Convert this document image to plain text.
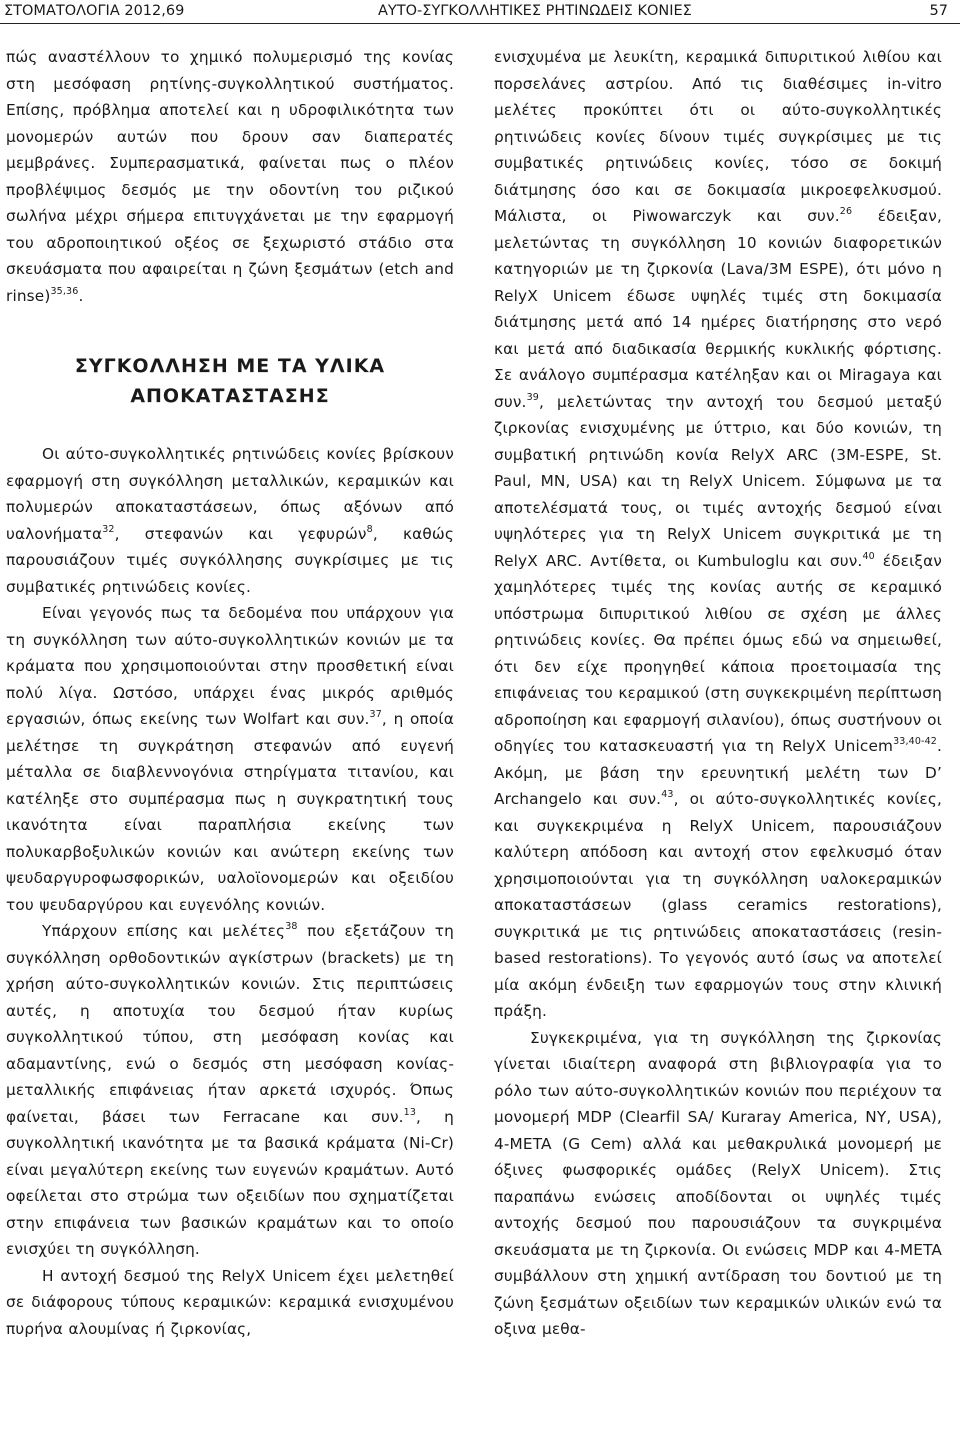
ΣΤΟΜΑΤΟΛΟΓΙΑ 2012,69	ΑΥΤΟ-ΣΥΓΚΟΛΛΗΤΙΚΕΣ ΡΗΤΙΝΩΔΕΙΣ ΚΟΝΙΕΣ	57

πώς αναστέλλουν το χημικό πολυμερισμό της κονίας στη μεσόφαση ρητίνης-συγκολλητικού συστήματος. Επίσης, πρόβλημα αποτελεί και η υδροφιλικότητα των μονομερών αυτών που δρουν σαν διαπερατές μεμβράνες. Συμπερασματικά, φαίνεται πως ο πλέον προβλέψιμος δεσμός με την οδοντίνη του ριζικού σωλήνα μέχρι σήμερα επιτυγχάνεται με την εφαρμογή του αδροποιητικού οξέος σε ξεχωριστό στάδιο στα σκευάσματα που αφαιρείται η ζώνη ξεσμάτων (etch and rinse)$^{35,36}$.

ΣΥΓΚΟΛΛΗΣΗ ΜΕ ΤΑ ΥΛΙΚΑ
ΑΠΟΚΑΤΑΣΤΑΣΗΣ

Οι αύτο-συγκολλητικές ρητινώδεις κονίες βρίσκουν εφαρμογή στη συγκόλληση μεταλλικών, κεραμικών και πολυμερών αποκαταστάσεων, όπως αξόνων από υαλονήματα$^{32}$, στεφανών και γεφυρών$^8$, καθώς παρουσιάζουν τιμές συγκόλλησης συγκρίσιμες με τις συμβατικές ρητινώδεις κονίες.

Είναι γεγονός πως τα δεδομένα που υπάρχουν για τη συγκόλληση των αύτο-συγκολλητικών κονιών με τα κράματα που χρησιμοποιούνται στην προσθετική είναι πολύ λίγα. Ωστόσο, υπάρχει ένας μικρός αριθμός εργασιών, όπως εκείνης των Wolfart και συν.$^{37}$, η οποία μελέτησε τη συγκράτηση στεφανών από ευγενή μέταλλα σε διαβλεννογόνια στηρίγματα τιτανίου, και κατέληξε στο συμπέρασμα πως η συγκρατητική τους ικανότητα είναι παραπλήσια εκείνης των πολυκαρβοξυλικών κονιών και ανώτερη εκείνης των ψευδαργυροφωσφορικών, υαλοϊονομερών και οξειδίου του ψευδαργύρου και ευγενόλης κονιών.

Υπάρχουν επίσης και μελέτες$^{38}$ που εξετάζουν τη συγκόλληση ορθοδοντικών αγκίστρων (brackets) με τη χρήση αύτο-συγκολλητικών κονιών. Στις περιπτώσεις αυτές, η αποτυχία του δεσμού ήταν κυρίως συγκολλητικού τύπου, στη μεσόφαση κονίας και αδαμαντίνης, ενώ ο δεσμός στη μεσόφαση κονίας-μεταλλικής επιφάνειας ήταν αρκετά ισχυρός. Όπως φαίνεται, βάσει των Ferracane και συν.$^{13}$, η συγκολλητική ικανότητα με τα βασικά κράματα (Ni-Cr) είναι μεγαλύτερη εκείνης των ευγενών κραμάτων. Αυτό οφείλεται στο στρώμα των οξειδίων που σχηματίζεται στην επιφάνεια των βασικών κραμάτων και το οποίο ενισχύει τη συγκόλληση.

Η αντοχή δεσμού της RelyX Unicem έχει μελετηθεί σε διάφορους τύπους κεραμικών: κεραμικά ενισχυμένου πυρήνα αλουμίνας ή ζιρκονίας,

ενισχυμένα με λευκίτη, κεραμικά διπυριτικού λιθίου και πορσελάνες αστρίου. Από τις διαθέσιμες in-vitro μελέτες προκύπτει ότι οι αύτο-συγκολλητικές ρητινώδεις κονίες δίνουν τιμές συγκρίσιμες με τις συμβατικές ρητινώδεις κονίες, τόσο σε δοκιμή διάτμησης όσο και σε δοκιμασία μικροεφελκυσμού. Μάλιστα, οι Piwowarczyk και συν.$^{26}$ έδειξαν, μελετώντας τη συγκόλληση 10 κονιών διαφορετικών κατηγοριών με τη ζιρκονία (Lava/3M ESPE), ότι μόνο η RelyX Unicem έδωσε υψηλές τιμές στη δοκιμασία διάτμησης μετά από 14 ημέρες διατήρησης στο νερό και μετά από διαδικασία θερμικής κυκλικής φόρτισης. Σε ανάλογο συμπέρασμα κατέληξαν και οι Miragaya και συν.$^{39}$, μελετώντας την αντοχή του δεσμού μεταξύ ζιρκονίας ενισχυμένης με ύττριο, και δύο κονιών, τη συμβατική ρητινώδη κονία RelyX ARC (3M-ESPE, St. Paul, MN, USA) και τη RelyX Unicem. Σύμφωνα με τα αποτελέσματά τους, οι τιμές αντοχής δεσμού είναι υψηλότερες για τη RelyX Unicem συγκριτικά με τη RelyX ARC. Αντίθετα, οι Kumbuloglu και συν.$^{40}$ έδειξαν χαμηλότερες τιμές της κονίας αυτής σε κεραμικό υπόστρωμα διπυριτικού λιθίου σε σχέση με άλλες ρητινώδεις κονίες. Θα πρέπει όμως εδώ να σημειωθεί, ότι δεν είχε προηγηθεί κάποια προετοιμασία της επιφάνειας του κεραμικού (στη συγκεκριμένη περίπτωση αδροποίηση και εφαρμογή σιλανίου), όπως συστήνουν οι οδηγίες του κατασκευαστή για τη RelyX Unicem$^{33,40-42}$. Ακόμη, με βάση την ερευνητική μελέτη των D’ Archangelo και συν.$^{43}$, οι αύτο-συγκολλητικές κονίες, και συγκεκριμένα η RelyX Unicem, παρουσιάζουν καλύτερη απόδοση και αντοχή στον εφελκυσμό όταν χρησιμοποιούνται για τη συγκόλληση υαλοκεραμικών αποκαταστάσεων (glass ceramics restorations), συγκριτικά με τις ρητινώδεις αποκαταστάσεις (resin-based restorations). Το γεγονός αυτό ίσως να αποτελεί μία ακόμη ένδειξη των εφαρμογών τους στην κλινική πράξη.

Συγκεκριμένα, για τη συγκόλληση της ζιρκονίας γίνεται ιδιαίτερη αναφορά στη βιβλιογραφία για το ρόλο των αύτο-συγκολλητικών κονιών που περιέχουν τα μονομερή MDP (Clearfil SA/ Kuraray America, NY, USA), 4-META (G Cem) αλλά και μεθακρυλικά μονομερή με όξινες φωσφορικές ομάδες (RelyX Unicem). Στις παραπάνω ενώσεις αποδίδονται οι υψηλές τιμές αντοχής δεσμού που παρουσιάζουν τα συγκριμένα σκευάσματα με τη ζιρκονία. Οι ενώσεις MDP και 4-META συμβάλλουν στη χημική αντίδραση του δοντιού με τη ζώνη ξεσμάτων οξειδίων των κεραμικών υλικών ενώ τα οξινα μεθα-
